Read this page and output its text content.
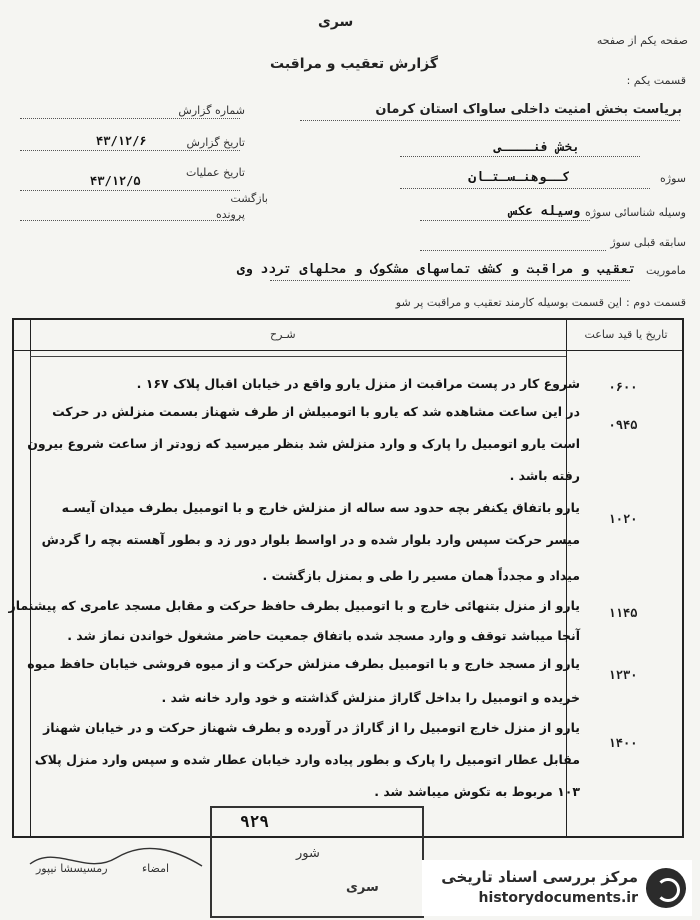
سری
صفحه یکم از صفحه
گزارش تعقیب و مراقبت
قسمت یکم :
بریاست بخش امنیت داخلی ساواک استان کرمان
شماره گزارش
تاریخ گزارش
۴۳/۱۲/۶
تاریخ عملیات
۴۳/۱۲/۵
بازگشت
پرونده
بخش فنــــی
سوژه
کــوهنـسـتـان
وسیله شناسائی سوژه
وسیله عکس
سابقه قبلی سوژ
ماموریت
تعقیب و مراقبت و کشف تماسهای مشکوک و محلهای تردد وی
قسمت دوم :
این قسمت بوسیله کارمند تعقیب و مراقبت پر شو
تاریخ یا قید ساعت
شـرح
۰۶۰۰
شروع کار در پست مراقبت از منزل یارو واقع در خیابان اقبال پلاک ۱۶۷ .
۰۹۴۵
در این ساعت مشاهده شد که یارو با اتومبیلش از طرف شهناز بسمت منزلش در حرکت
است یارو اتومبیل را پارک و وارد منزلش شد بنظر میرسید که زودتر از ساعت شروع بیرون
رفته باشد .
۱۰۲۰
یارو باتفاق یکنفر بچه حدود سه ساله از منزلش خارج و با اتومبیل بطرف میدان آیسـه
میسر حرکت سپس وارد بلوار شده و در اواسط بلوار دور زد و بطور آهسته بچه را گردش
میداد و مجدداً همان مسیر را طی و بمنزل بازگشت .
۱۱۴۵
یارو از منزل بتنهائی خارج و با اتومبیل بطرف حافظ حرکت و مقابل مسجد عامری که پیشنماز
آنجا میباشد توقف و وارد مسجد شده باتفاق جمعیت حاضر مشغول خواندن نماز شد .
۱۲۳۰
یارو از مسجد خارج و با اتومبیل بطرف منزلش حرکت و از میوه فروشی خیابان حافظ میوه
خریده و اتومبیل را بداخل گاراژ منزلش گذاشته و خود وارد خانه شد .
۱۴۰۰
یارو از منزل خارج اتومبیل را از گاراژ در آورده و بطرف شهناز حرکت و در خیابان شهناز
مقابل عطار اتومبیل را پارک و بطور پیاده وارد خیابان عطار شده و سپس وارد منزل پلاک
۱۰۳ مربوط به تکوش میباشد شد .
۹۲۹
شور
سری
رمسيسشا نیپور	امضاء	مرکز بررسی اسناد تاریخی
historydocuments.ir
